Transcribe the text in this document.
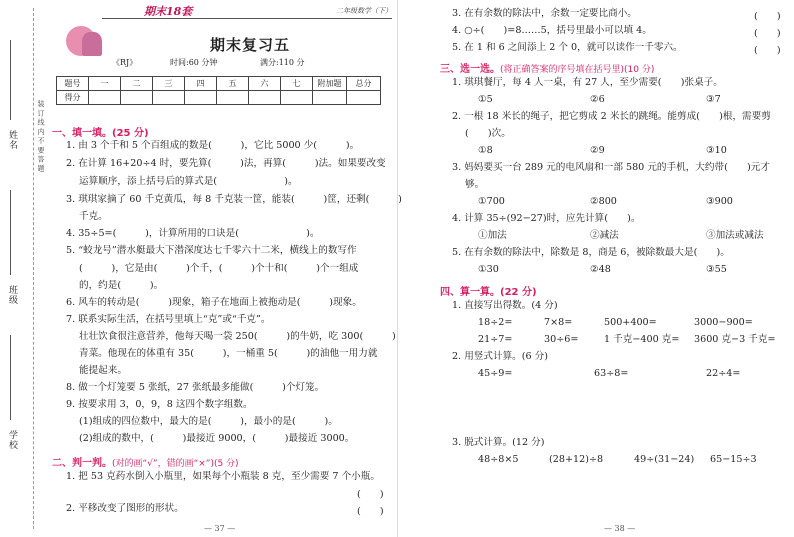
姓名
班级
学校
装 订 线 内 不 要 答 题
期末18套	二年级数学（下）
期末复习五
《RJ》	时间:60 分钟	满分:110 分
题号	一	二	三	四	五	六	七	附加题	总分
得分									
一、填一填。(25 分)
1. 由 3 个千和 5 个百组成的数是(　　　)，它比 5000 少(　　　)。
2. 在计算 16+20÷4 时，要先算(　　　)法，再算(　　　)法。如果要改变
运算顺序，添上括号后的算式是(　　　　　　　)。
3. 琪琪家摘了 60 千克黄瓜，每 8 千克装一筐，能装(　　　)筐，还剩(　　　)
千克。
4. 35÷5=(　　　)，计算所用的口诀是(　　　　　　　)。
5. “蛟龙号”潜水艇最大下潜深度达七千零六十二米，横线上的数写作
(　　　)，它是由(　　　)个千，(　　　)个十和(　　　)个一组成
的，约是(　　　)。
6. 风车的转动是(　　　)现象，箱子在地面上被拖动是(　　　)现象。
7. 联系实际生活，在括号里填上“克”或“千克”。
壮壮饮食很注意营养，他每天喝一袋 250(　　　)的牛奶，吃 300(　　　)
青菜。他现在的体重有 35(　　　)，一桶重 5(　　　)的油他一用力就
能提起来。
8. 做一个灯笼要 5 张纸，27 张纸最多能做(　　　)个灯笼。
9. 按要求用 3，0，9，8 这四个数字组数。
(1)组成的四位数中，最大的是(　　　)，最小的是(　　　)。
(2)组成的数中，(　　　)最接近 9000，(　　　)最接近 3000。
二、判一判。(对的画“√”，错的画“×”)(5 分)
1. 把 53 克药水倒入小瓶里，如果每个小瓶装 8 克，至少需要 7 个小瓶。
(　　)
2. 平移改变了图形的形状。	(　　)
— 37 —
3. 在有余数的除法中，余数一定要比商小。	(　　)
4. ○÷(　　)=8……5，括号里最小可以填 4。	(　　)
5. 在 1 和 6 之间添上 2 个 0，就可以读作一千零六。	(　　)
三、选一选。(将正确答案的序号填在括号里)(10 分)
1. 琪琪餐厅，每 4 人一桌，有 27 人，至少需要(　　)张桌子。
①5	②6	③7
2. 一根 18 米长的绳子，把它剪成 2 米长的跳绳。能剪成(　　)根，需要剪
(　　)次。
①8	②9	③10
3. 妈妈要买一台 289 元的电风扇和一部 580 元的手机，大约带(　　)元才
够。
①700	②800	③900
4. 计算 35÷(92−27)时，应先计算(　　)。
①加法	②减法	③加法或减法
5. 在有余数的除法中，除数是 8，商是 6，被除数最大是(　　)。
①30	②48	③55
四、算一算。(22 分)
1. 直接写出得数。(4 分)
18÷2=	7×8=	500+400=	3000−900=
21÷7=	30÷6=	1 千克−400 克= 3600 克−3 千克=
2. 用竖式计算。(6 分)
45÷9=	63÷8=	22÷4=
3. 脱式计算。(12 分)
48÷8×5	(28+12)÷8	49÷(31−24) 65−15÷3
— 38 —
